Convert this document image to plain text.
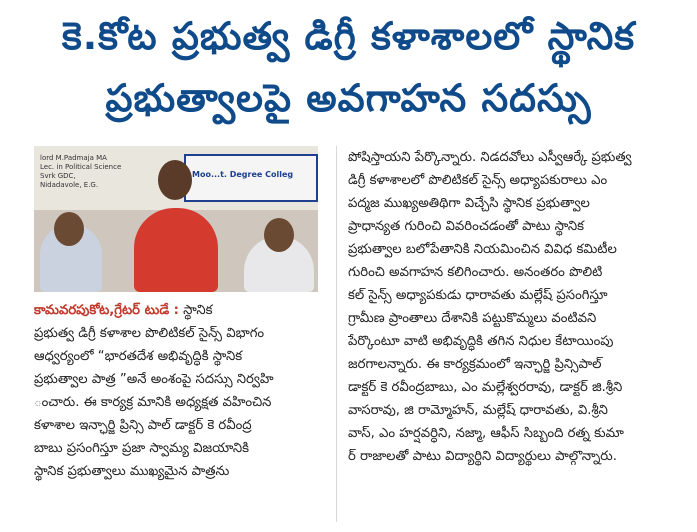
కె.కోట ప్రభుత్వ డిగ్రీ కళాశాలలో స్థానిక
ప్రభుత్వాలపై అవగాహన సదస్సు
lord M.Padmaja MA
Lec. in Political Science
Svrk GDC,
Nidadavole, E.G.
Moo...t. Degree Colleg
కామవరపుకోట,గ్రేటర్ టుడే : స్థానిక
ప్రభుత్వ డిగ్రీ కళాశాల పొలిటికల్ సైన్స్ విభాగం
ఆధ్వర్యంలో “భారతదేశ అభివృద్ధికి స్థానిక
ప్రభుత్వాల పాత్ర ”అనే అంశంపై సదస్సు నిర్వహి
ంచారు. ఈ కార్యక్ర మానికి అధ్యక్షత వహించిన
కళాశాల ఇన్ఛార్జి ప్రిన్సి పాల్ డాక్టర్ కె రవీంద్ర
బాబు ప్రసంగిస్తూ ప్రజా స్వామ్య విజయానికి
స్థానిక ప్రభుత్వాలు ముఖ్యమైన పాత్రను
పోషిస్తాయని పేర్కొన్నారు. నిడదవోలు ఎస్వీఆర్కే ప్రభుత్వ
డిగ్రీ కళాశాలలో పొలిటికల్ సైన్స్ అధ్యాపకురాలు ఎం
పద్మజ ముఖ్యఅతిథిగా విచ్చేసి స్థానిక ప్రభుత్వాల
ప్రాధాన్యత గురించి వివరించడంతో పాటు స్థానిక
ప్రభుత్వాల బలోపేతానికి నియమించిన వివిధ కమిటీల
గురించి అవగాహన కలిగించారు. అనంతరం పొలిటి
కల్ సైన్స్ అధ్యాపకుడు ధారావతు మల్లేష్ ప్రసంగిస్తూ
గ్రామీణ ప్రాంతాలు దేశానికి పట్టుకొమ్మలు వంటివని
పేర్కొంటూ వాటి అభివృద్ధికి తగిన నిధుల కేటాయింపు
జరగాలన్నారు. ఈ కార్యక్రమంలో ఇన్ఛార్జి ప్రిన్సిపాల్
డాక్టర్ కె రవీంద్రబాబు, ఎం మల్లేశ్వరరావు, డాక్టర్ జి.శ్రీని
వాసరావు, జి రామ్మోహన్, మల్లేష్ ధారావతు, వి.శ్రీని
వాస్, ఎం హర్షవర్ధిని, నజ్మా, ఆఫీస్ సిబ్బంది రత్న కుమా
ర్ రాజాలతో పాటు విద్యార్థిని విద్యార్థులు పాల్గొన్నారు.
